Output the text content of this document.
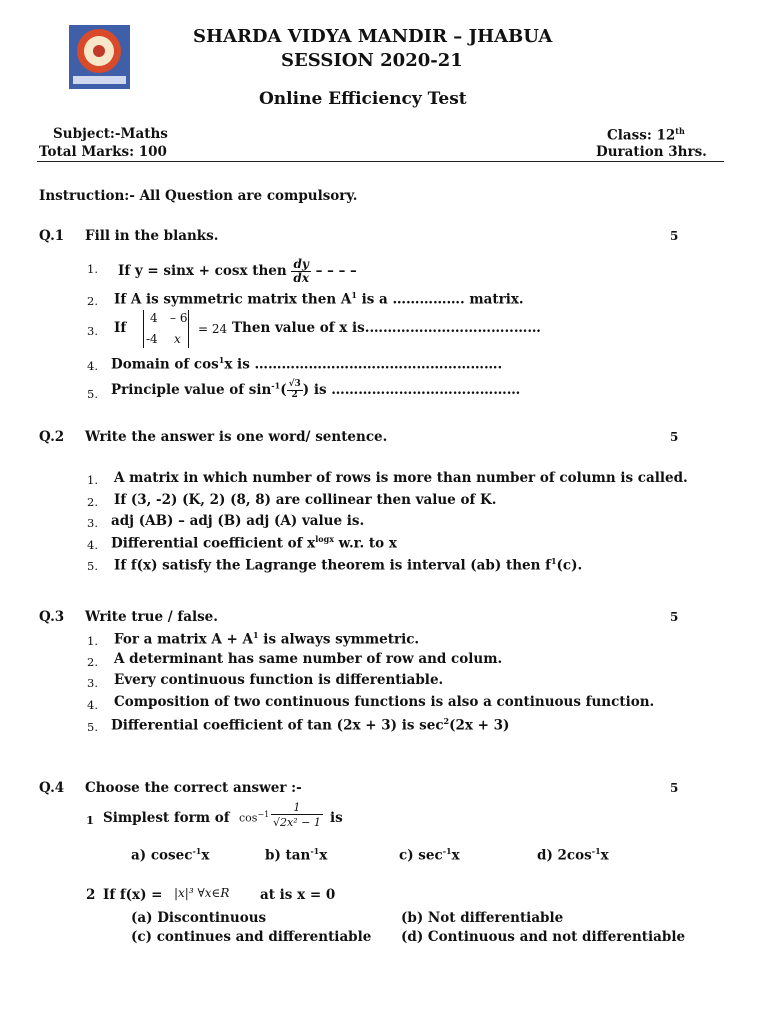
SHARDA VIDYA MANDIR – JHABUA
SESSION 2020-21
Online Efficiency Test
Subject:-Maths
Total Marks: 100
Class: 12th
Duration 3hrs.
Instruction:- All Question are compulsory.
Q.1 Fill in the blanks.	5
1. If y = sinx + cosx then $\frac{dy}{dx}$ – – – –
2. If A is symmetric matrix then $A^1$ is a ……………. matrix.
3. If
4 – 6
-4 x
= 24 Then value of x is.…………………………..……
4. Domain of $\cos^1x$ is ……………………………………………….
5. Principle value of $\sin^{-1}( \frac{√3}{2}$ ) is ……………………………………
Q.2 Write the answer is one word/ sentence.	5
1. A matrix in which number of rows is more than number of column is called.
2. If (3, -2) (K, 2) (8, 8) are collinear then value of K.
3. adj (AB) – adj (B) adj (A) value is.
4. Differential coefficient of $x^{logx}$ w.r. to x
5. If f(x) satisfy the Lagrange theorem is interval (ab) then $f^1(c)$.
Q.3 Write true / false.	5
1. For a matrix $A + A^1$ is always symmetric.
2. A determinant has same number of row and colum.
3. Every continuous function is differentiable.
4. Composition of two continuous functions is also a continuous function.
5. Differential coefficient of tan (2x + 3) is $\sec^2(2x + 3)$
Q.4 Choose the correct answer :-	5
1 Simplest form of $\cos^{-1}$
1
√2x² − 1 is
a) cosec$^{-1}$x	b) $\tan^{-1}x$	c) $\sec^{-1}x$	d) $2\cos^{-1}x$
2 If f(x) = |x|³ ∀x∈R at is x = 0
(a) Discontinuous	(b) Not differentiable
(c) continues and differentiable (d) Continuous and not differentiable
